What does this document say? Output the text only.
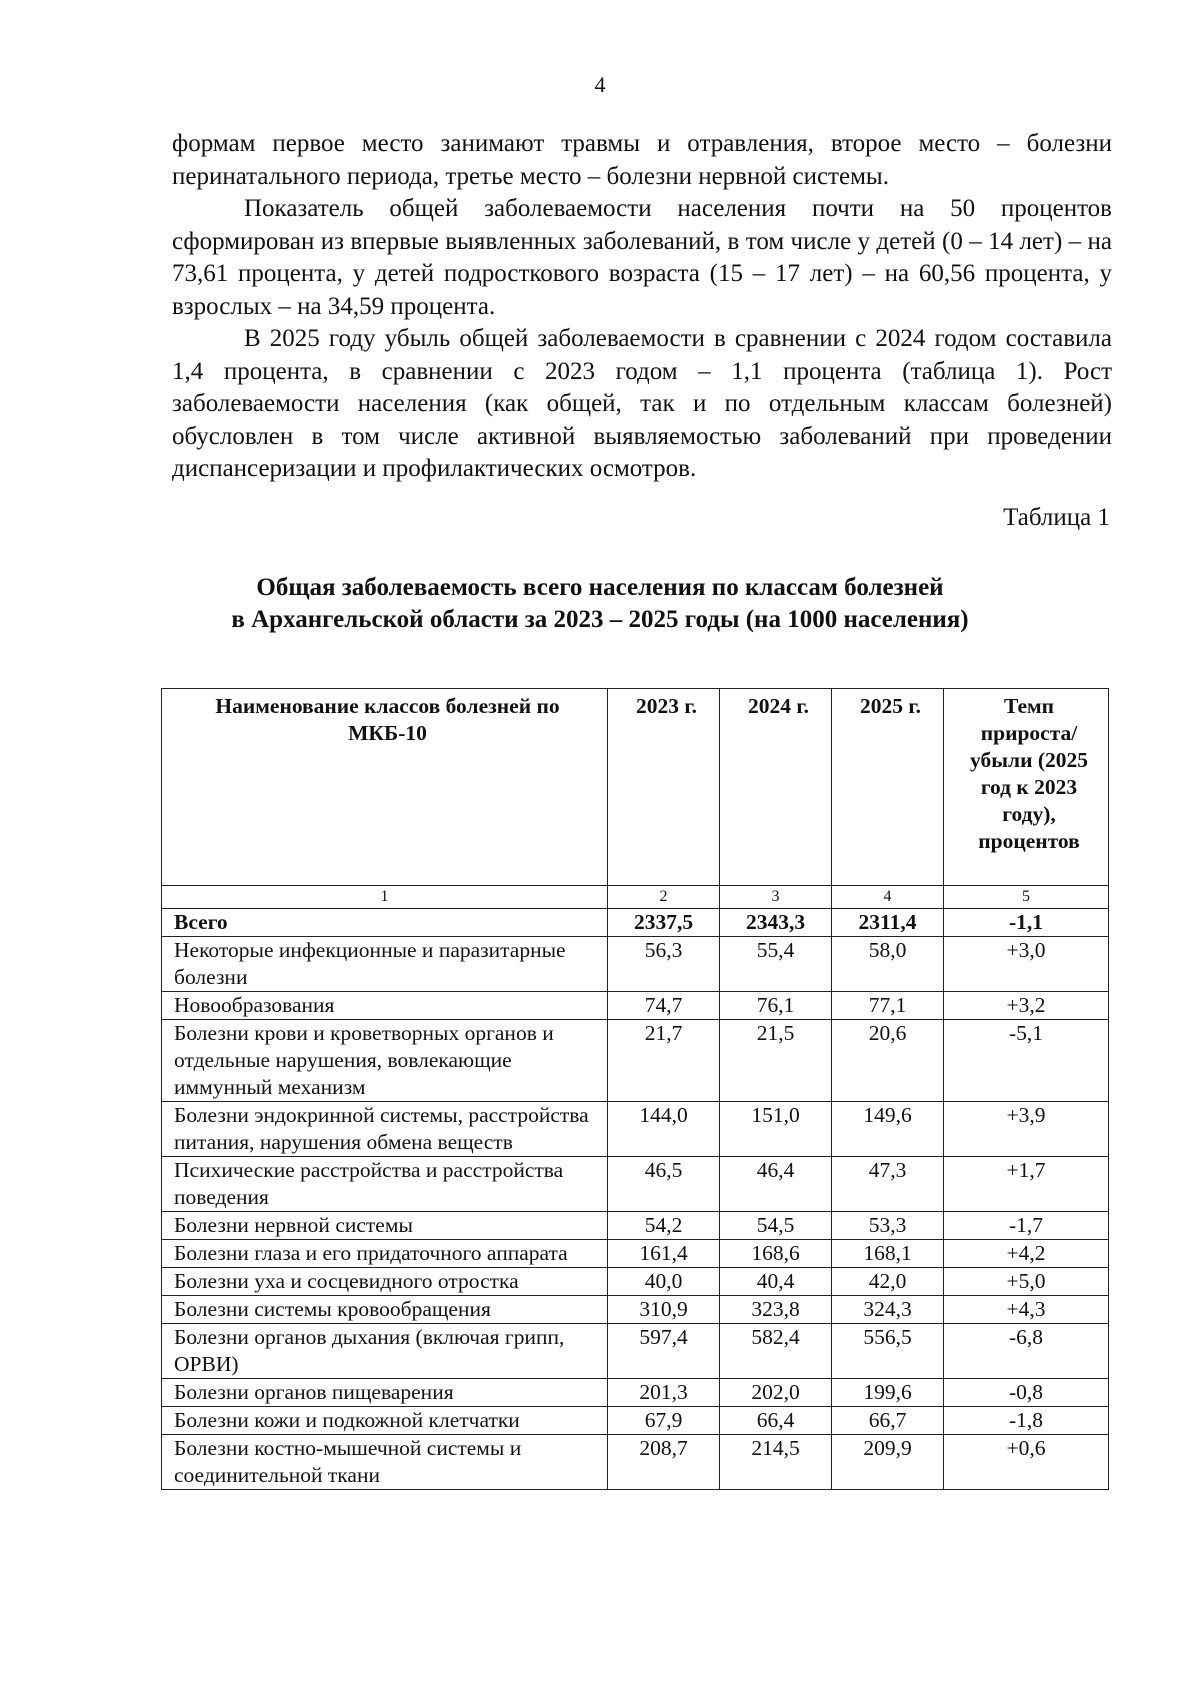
4

формам первое место занимают травмы и отравления, второе место – болезни перинатального периода, третье место – болезни нервной системы.

Показатель общей заболеваемости населения почти на 50 процентов сформирован из впервые выявленных заболеваний, в том числе у детей (0 – 14 лет) – на 73,61 процента, у детей подросткового возраста (15 – 17 лет) – на 60,56 процента, у взрослых – на 34,59 процента.

В 2025 году убыль общей заболеваемости в сравнении с 2024 годом составила 1,4 процента, в сравнении с 2023 годом – 1,1 процента (таблица 1). Рост заболеваемости населения (как общей, так и по отдельным классам болезней) обусловлен в том числе активной выявляемостью заболеваний при проведении диспансеризации и профилактических осмотров.

Таблица 1
Общая заболеваемость всего населения по классам болезней
в Архангельской области за 2023 – 2025 годы (на 1000 населения)
Наименование классов болезней по МКБ-10	2023 г.	2024 г.	2025 г.	Темп прироста/ убыли (2025 год к 2023 году), процентов
1	2	3	4	5
Всего	2337,5	2343,3	2311,4	-1,1
Некоторые инфекционные и паразитарные болезни	56,3	55,4	58,0	+3,0
Новообразования	74,7	76,1	77,1	+3,2
Болезни крови и кроветворных органов и отдельные нарушения, вовлекающие иммунный механизм	21,7	21,5	20,6	-5,1
Болезни эндокринной системы, расстройства питания, нарушения обмена веществ	144,0	151,0	149,6	+3,9
Психические расстройства и расстройства поведения	46,5	46,4	47,3	+1,7
Болезни нервной системы	54,2	54,5	53,3	-1,7
Болезни глаза и его придаточного аппарата	161,4	168,6	168,1	+4,2
Болезни уха и сосцевидного отростка	40,0	40,4	42,0	+5,0
Болезни системы кровообращения	310,9	323,8	324,3	+4,3
Болезни органов дыхания (включая грипп, ОРВИ)	597,4	582,4	556,5	-6,8
Болезни органов пищеварения	201,3	202,0	199,6	-0,8
Болезни кожи и подкожной клетчатки	67,9	66,4	66,7	-1,8
Болезни костно-мышечной системы и соединительной ткани	208,7	214,5	209,9	+0,6
